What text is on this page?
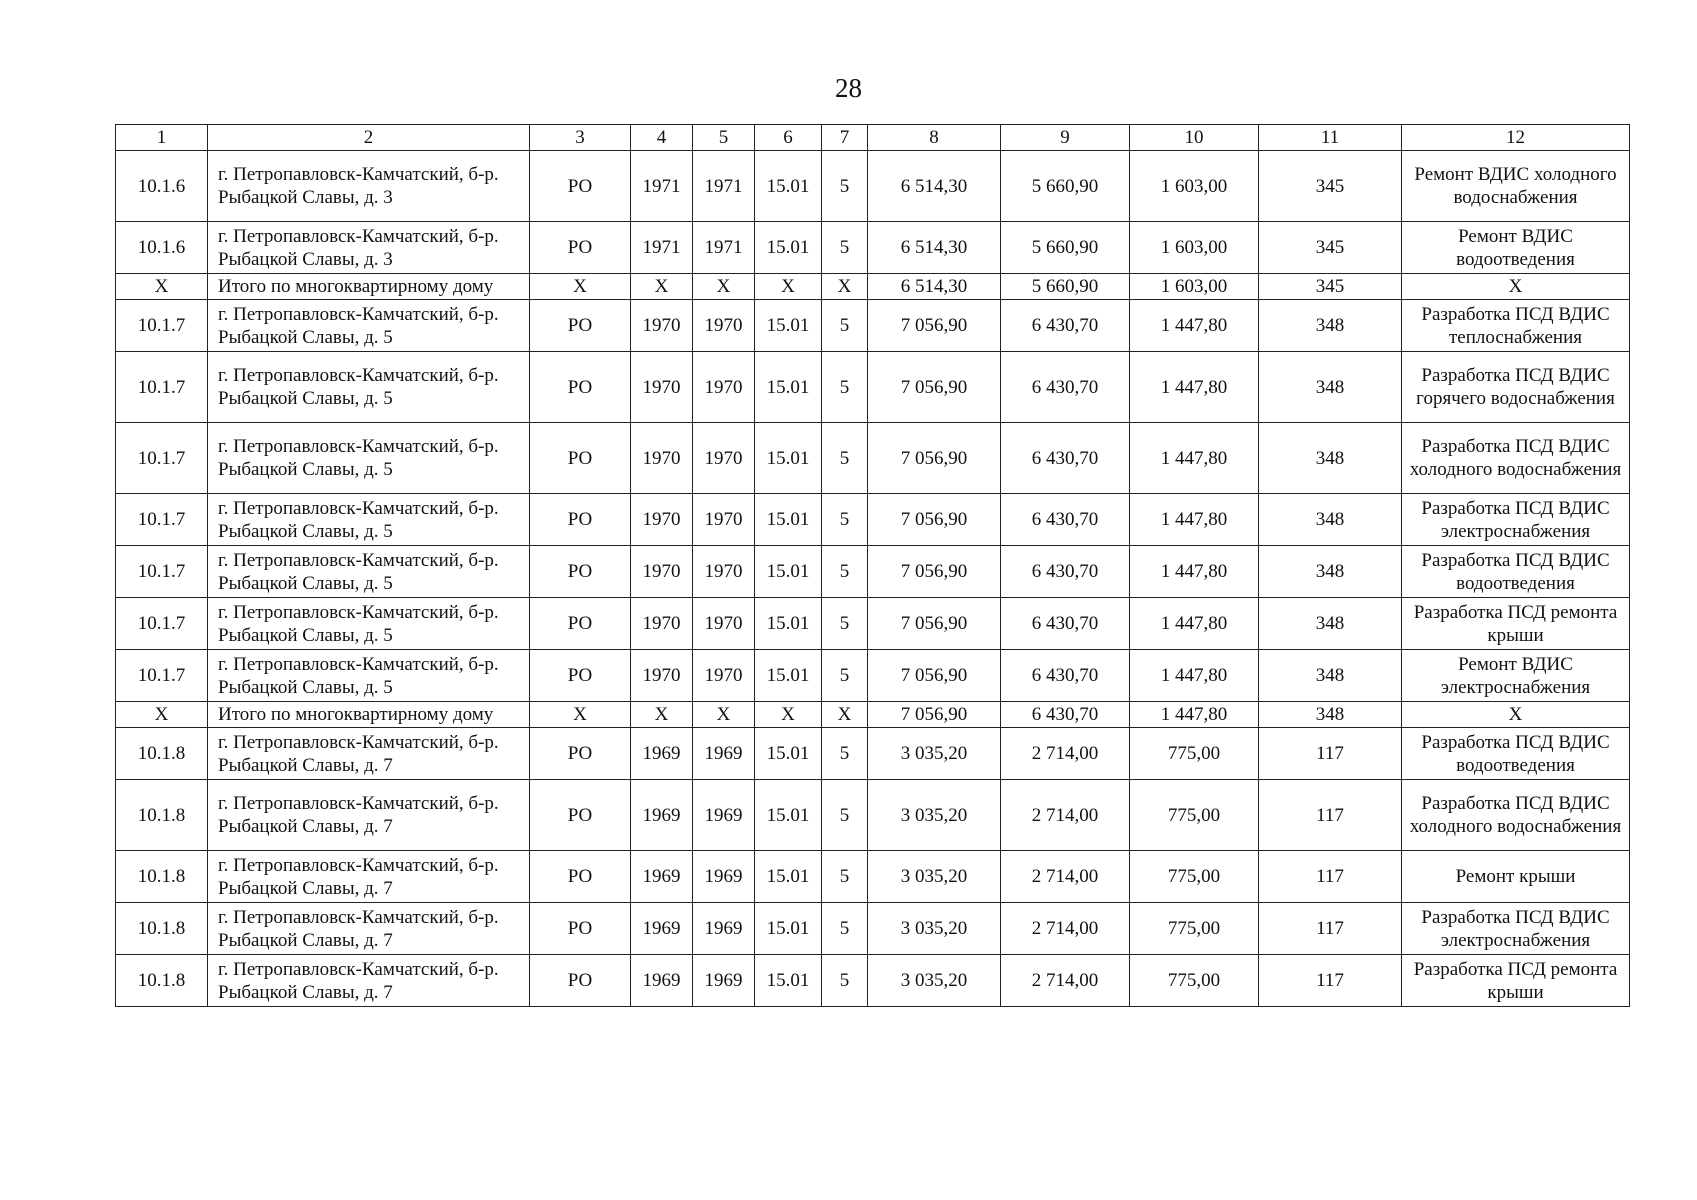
28
1	2	3	4	5	6	7	8	9	10	11	12
10.1.6	г. Петропавловск-Камчатский, б-р. Рыбацкой Славы, д. 3	РО	1971	1971	15.01	5	6 514,30	5 660,90	1 603,00	345	Ремонт ВДИС холодного водоснабжения
10.1.6	г. Петропавловск-Камчатский, б-р. Рыбацкой Славы, д. 3	РО	1971	1971	15.01	5	6 514,30	5 660,90	1 603,00	345	Ремонт ВДИС водоотведения
X	Итого по многоквартирному дому	X	X	X	X	X	6 514,30	5 660,90	1 603,00	345	X
10.1.7	г. Петропавловск-Камчатский, б-р. Рыбацкой Славы, д. 5	РО	1970	1970	15.01	5	7 056,90	6 430,70	1 447,80	348	Разработка ПСД ВДИС теплоснабжения
10.1.7	г. Петропавловск-Камчатский, б-р. Рыбацкой Славы, д. 5	РО	1970	1970	15.01	5	7 056,90	6 430,70	1 447,80	348	Разработка ПСД ВДИС горячего водоснабжения
10.1.7	г. Петропавловск-Камчатский, б-р. Рыбацкой Славы, д. 5	РО	1970	1970	15.01	5	7 056,90	6 430,70	1 447,80	348	Разработка ПСД ВДИС холодного водоснабжения
10.1.7	г. Петропавловск-Камчатский, б-р. Рыбацкой Славы, д. 5	РО	1970	1970	15.01	5	7 056,90	6 430,70	1 447,80	348	Разработка ПСД ВДИС электроснабжения
10.1.7	г. Петропавловск-Камчатский, б-р. Рыбацкой Славы, д. 5	РО	1970	1970	15.01	5	7 056,90	6 430,70	1 447,80	348	Разработка ПСД ВДИС водоотведения
10.1.7	г. Петропавловск-Камчатский, б-р. Рыбацкой Славы, д. 5	РО	1970	1970	15.01	5	7 056,90	6 430,70	1 447,80	348	Разработка ПСД ремонта крыши
10.1.7	г. Петропавловск-Камчатский, б-р. Рыбацкой Славы, д. 5	РО	1970	1970	15.01	5	7 056,90	6 430,70	1 447,80	348	Ремонт ВДИС электроснабжения
X	Итого по многоквартирному дому	X	X	X	X	X	7 056,90	6 430,70	1 447,80	348	X
10.1.8	г. Петропавловск-Камчатский, б-р. Рыбацкой Славы, д. 7	РО	1969	1969	15.01	5	3 035,20	2 714,00	775,00	117	Разработка ПСД ВДИС водоотведения
10.1.8	г. Петропавловск-Камчатский, б-р. Рыбацкой Славы, д. 7	РО	1969	1969	15.01	5	3 035,20	2 714,00	775,00	117	Разработка ПСД ВДИС холодного водоснабжения
10.1.8	г. Петропавловск-Камчатский, б-р. Рыбацкой Славы, д. 7	РО	1969	1969	15.01	5	3 035,20	2 714,00	775,00	117	Ремонт крыши
10.1.8	г. Петропавловск-Камчатский, б-р. Рыбацкой Славы, д. 7	РО	1969	1969	15.01	5	3 035,20	2 714,00	775,00	117	Разработка ПСД ВДИС электроснабжения
10.1.8	г. Петропавловск-Камчатский, б-р. Рыбацкой Славы, д. 7	РО	1969	1969	15.01	5	3 035,20	2 714,00	775,00	117	Разработка ПСД ремонта крыши
